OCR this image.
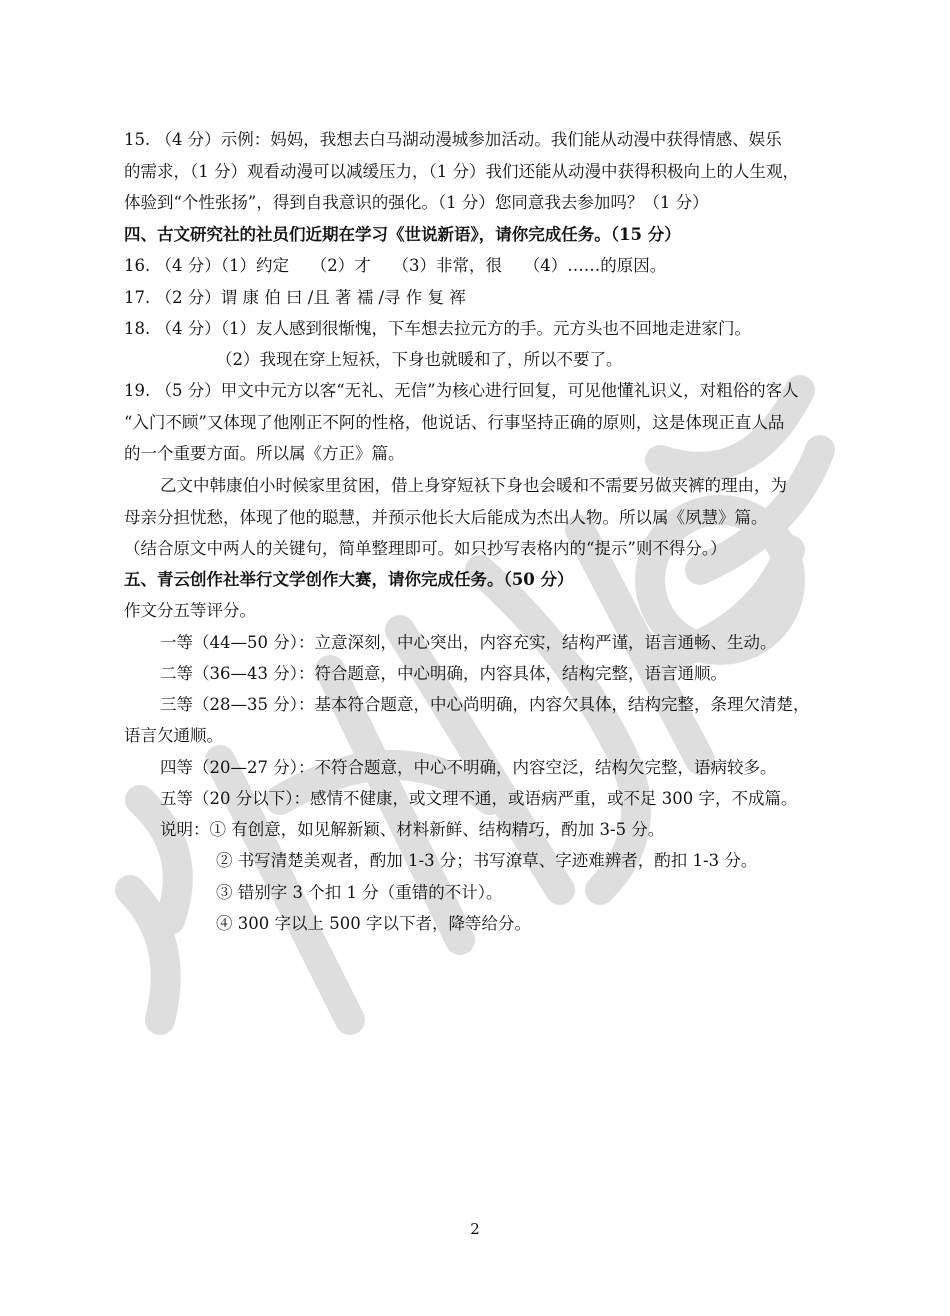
15. （4 分）示例：妈妈，我想去白马湖动漫城参加活动。我们能从动漫中获得情感、娱乐
的需求，（1 分）观看动漫可以减缓压力，（1 分）我们还能从动漫中获得积极向上的人生观，
体验到“个性张扬”，得到自我意识的强化。（1 分）您同意我去参加吗？（1 分）
四、古文研究社的社员们近期在学习《世说新语》，请你完成任务。（15 分）
16. （4 分）（1）约定　 （2）才　 （3）非常，很　 （4）……的原因。
17. （2 分）谓 康 伯 曰 /且 著 襦 /寻 作 复 裈
18. （4 分）（1）友人感到很惭愧，下车想去拉元方的手。元方头也不回地走进家门。
（2）我现在穿上短袄，下身也就暖和了，所以不要了。
19. （5 分）甲文中元方以客“无礼、无信”为核心进行回复，可见他懂礼识义，对粗俗的客人
“入门不顾”又体现了他刚正不阿的性格，他说话、行事坚持正确的原则，这是体现正直人品
的一个重要方面。所以属《方正》篇。
乙文中韩康伯小时候家里贫困，借上身穿短袄下身也会暖和不需要另做夹裤的理由，为
母亲分担忧愁，体现了他的聪慧，并预示他长大后能成为杰出人物。所以属《夙慧》篇。
（结合原文中两人的关键句，简单整理即可。如只抄写表格内的“提示”则不得分。）
五、青云创作社举行文学创作大赛，请你完成任务。（50 分）
作文分五等评分。
一等（44—50 分）：立意深刻，中心突出，内容充实，结构严谨，语言通畅、生动。
二等（36—43 分）：符合题意，中心明确，内容具体，结构完整，语言通顺。
三等（28—35 分）：基本符合题意，中心尚明确，内容欠具体，结构完整，条理欠清楚，
语言欠通顺。
四等（20—27 分）：不符合题意，中心不明确，内容空泛，结构欠完整，语病较多。
五等（20 分以下）：感情不健康，或文理不通，或语病严重，或不足 300 字，不成篇。
说明：① 有创意，如见解新颖、材料新鲜、结构精巧，酌加 3-5 分。
② 书写清楚美观者，酌加 1-3 分；书写潦草、字迹难辨者，酌扣 1-3 分。
③ 错别字 3 个扣 1 分（重错的不计）。
④ 300 字以上 500 字以下者，降等给分。
2
